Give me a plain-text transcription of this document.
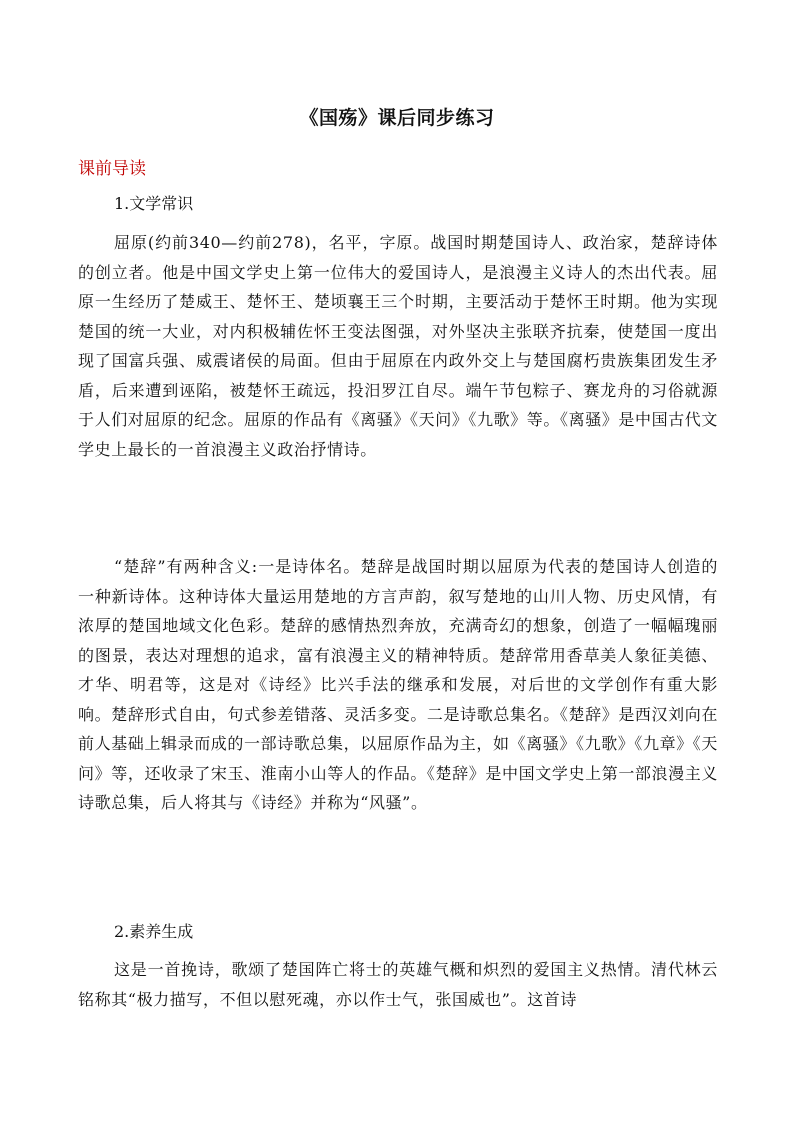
《国殇》课后同步练习
课前导读
1.文学常识

屈原(约前340—约前278)，名平，字原。战国时期楚国诗人、政治家，楚辞诗体的创立者。他是中国文学史上第一位伟大的爱国诗人，是浪漫主义诗人的杰出代表。屈原一生经历了楚威王、楚怀王、楚顷襄王三个时期，主要活动于楚怀王时期。他为实现楚国的统一大业，对内积极辅佐怀王变法图强，对外坚决主张联齐抗秦，使楚国一度出现了国富兵强、威震诸侯的局面。但由于屈原在内政外交上与楚国腐朽贵族集团发生矛盾，后来遭到诬陷，被楚怀王疏远，投汨罗江自尽。端午节包粽子、赛龙舟的习俗就源于人们对屈原的纪念。屈原的作品有《离骚》《天问》《九歌》等。《离骚》是中国古代文学史上最长的一首浪漫主义政治抒情诗。

“楚辞”有两种含义:一是诗体名。楚辞是战国时期以屈原为代表的楚国诗人创造的一种新诗体。这种诗体大量运用楚地的方言声韵，叙写楚地的山川人物、历史风情，有浓厚的楚国地域文化色彩。楚辞的感情热烈奔放，充满奇幻的想象，创造了一幅幅瑰丽的图景，表达对理想的追求，富有浪漫主义的精神特质。楚辞常用香草美人象征美德、才华、明君等，这是对《诗经》比兴手法的继承和发展，对后世的文学创作有重大影响。楚辞形式自由，句式参差错落、灵活多变。二是诗歌总集名。《楚辞》是西汉刘向在前人基础上辑录而成的一部诗歌总集，以屈原作品为主，如《离骚》《九歌》《九章》《天问》等，还收录了宋玉、淮南小山等人的作品。《楚辞》是中国文学史上第一部浪漫主义诗歌总集，后人将其与《诗经》并称为“风骚”。

2.素养生成

这是一首挽诗，歌颂了楚国阵亡将士的英雄气概和炽烈的爱国主义热情。清代林云铭称其“极力描写，不但以慰死魂，亦以作士气，张国威也”。这首诗
